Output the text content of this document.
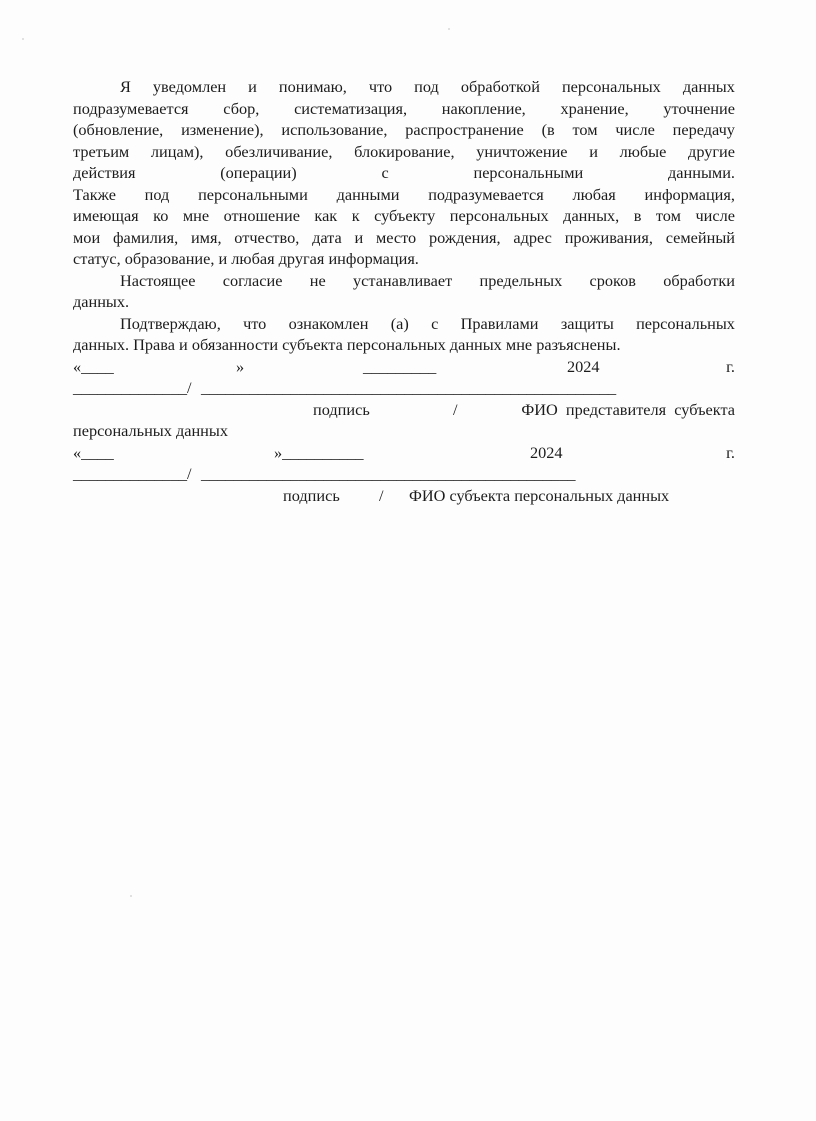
Я уведомлен и понимаю, что под обработкой персональных данных
подразумевается сбор, систематизация, накопление, хранение, уточнение
(обновление, изменение), использование, распространение (в том числе передачу
третьим лицам), обезличивание, блокирование, уничтожение и любые другие
действия	(операции)	с	персональными	данными.
Также под персональными данными подразумевается любая информация,
имеющая ко мне отношение как к субъекту персональных данных, в том числе
мои фамилия, имя, отчество, дата и место рождения, адрес проживания, семейный
статус, образование, и любая другая информация.
Настоящее согласие не устанавливает предельных сроков обработки
данных.
Подтверждаю, что ознакомлен (а) с Правилами защиты персональных
данных. Права и обязанности субъекта персональных данных мне разъяснены.

«____

	»

	_________

	2024

	г.

______________/ ___________________________________________________

подпись

	/

	ФИО  представителя  субъекта

персональных данных

«____

	»__________

	2024

	г.

______________/ ______________________________________________

подпись

/

ФИО субъекта персональных данных
